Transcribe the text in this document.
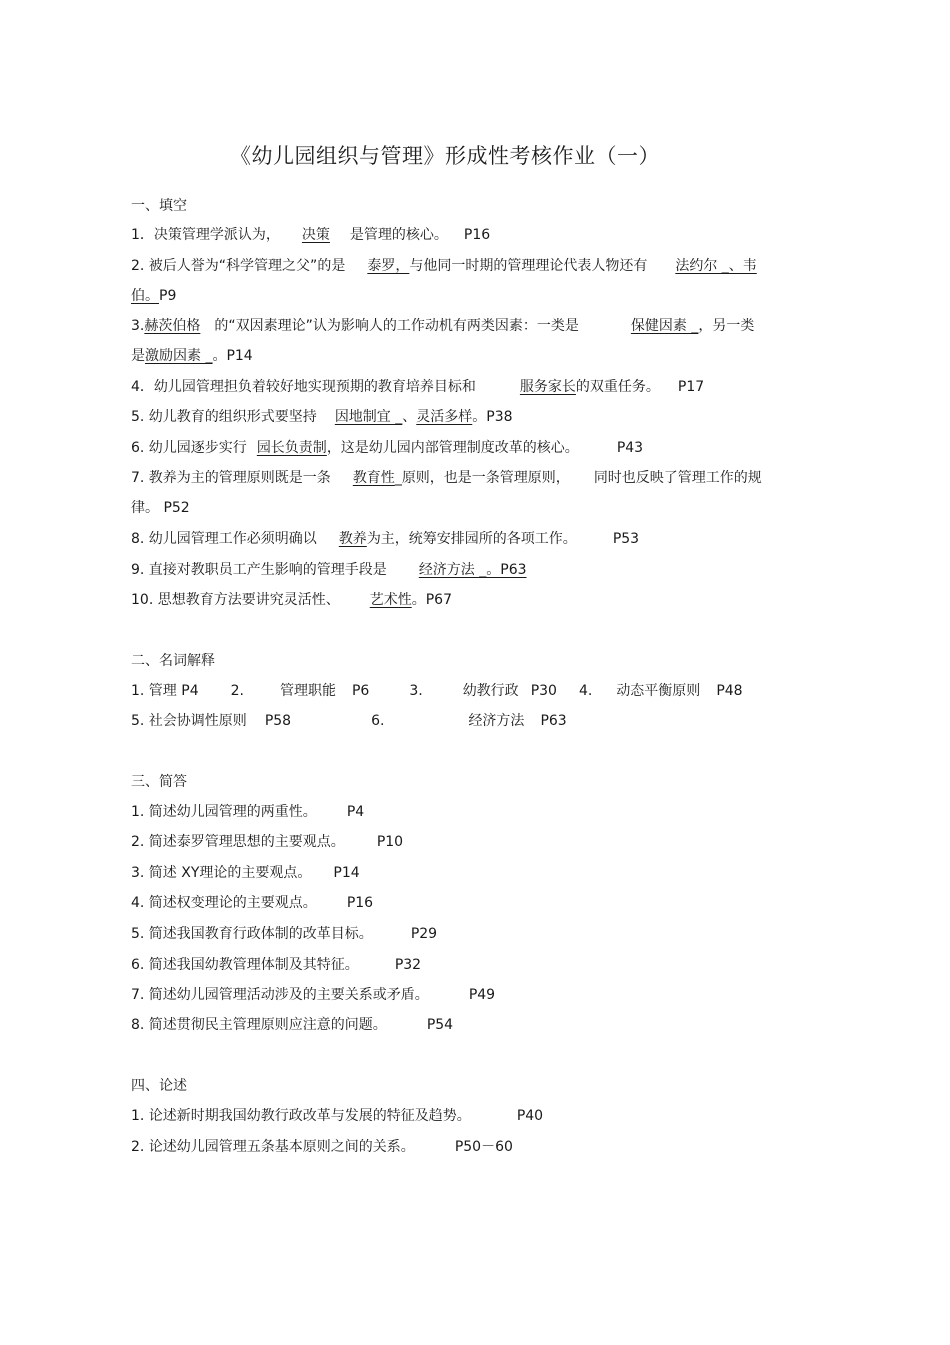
《幼儿园组织与管理》形成性考核作业（一）
一、填空
1．决策管理学派认为， 决策 是管理的核心。 P16
2. 被后人誉为“科学管理之父”的是 泰罗，与他同一时期的管理理论代表人物还有 法约尔 _、韦
伯。P9
3.赫茨伯格 的“双因素理论”认为影响人的工作动机有两类因素：一类是	保健因素 _，另一类
是激励因素 _。P14
4．幼儿园管理担负着较好地实现预期的教育培养目标和	服务家长的双重任务。 P17
5. 幼儿教育的组织形式要坚持 因地制宜 _、灵活多样。P38
6. 幼儿园逐步实行 园长负责制，这是幼儿园内部管理制度改革的核心。	P43
7. 教养为主的管理原则既是一条 教育性_原则，也是一条管理原则， 同时也反映了管理工作的规
律。 P52
8. 幼儿园管理工作必须明确以 教养为主，统筹安排园所的各项工作。	P53
9. 直接对教职员工产生影响的管理手段是 经济方法 _。P63
10. 思想教育方法要讲究灵活性、 艺术性。P67
二、名词解释
1. 管理 P4 2.	管理职能 P6	3.	幼教行政 P30 4. 动态平衡原则 P48
5. 社会协调性原则 P58	6.	经济方法 P63
三、简答
1. 简述幼儿园管理的两重性。 P4
2. 简述泰罗管理思想的主要观点。 P10
3. 简述 XY理论的主要观点。 P14
4. 简述权变理论的主要观点。 P16
5. 简述我国教育行政体制的改革目标。	P29
6. 简述我国幼教管理体制及其特征。	P32
7. 简述幼儿园管理活动涉及的主要关系或矛盾。	P49
8. 简述贯彻民主管理原则应注意的问题。	P54
四、论述
1. 论述新时期我国幼教行政改革与发展的特征及趋势。	P40
2. 论述幼儿园管理五条基本原则之间的关系。	P50－60
